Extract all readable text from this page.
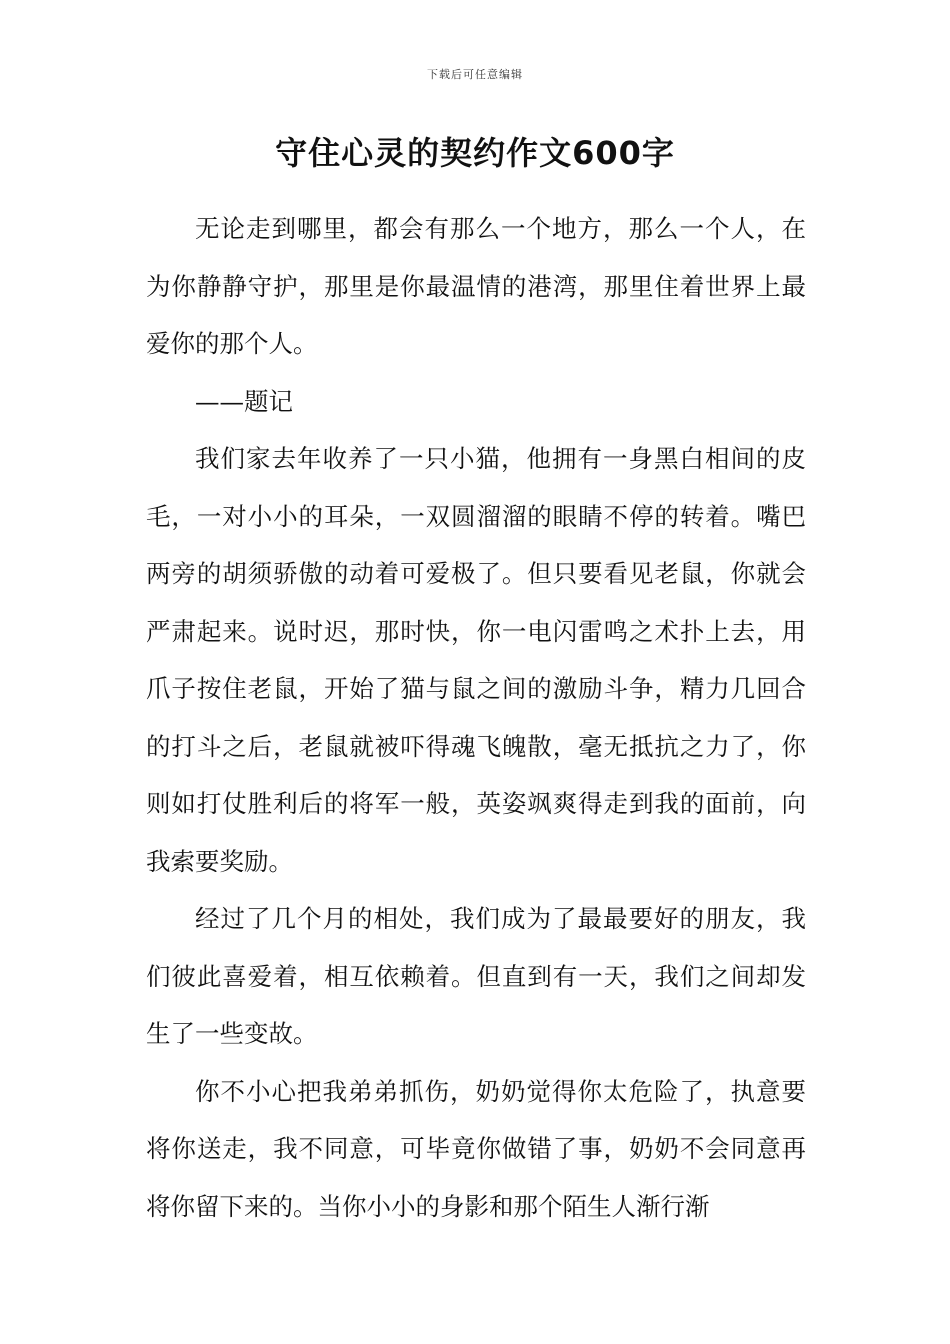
下载后可任意编辑
守住心灵的契约作文600字

无论走到哪里，都会有那么一个地方，那么一个人，在为你静静守护，那里是你最温情的港湾，那里住着世界上最爱你的那个人。

——题记

我们家去年收养了一只小猫，他拥有一身黑白相间的皮毛，一对小小的耳朵，一双圆溜溜的眼睛不停的转着。嘴巴两旁的胡须骄傲的动着可爱极了。但只要看见老鼠，你就会严肃起来。说时迟，那时快，你一电闪雷鸣之术扑上去，用爪子按住老鼠，开始了猫与鼠之间的激励斗争，精力几回合的打斗之后，老鼠就被吓得魂飞魄散，毫无抵抗之力了，你则如打仗胜利后的将军一般，英姿飒爽得走到我的面前，向我索要奖励。

经过了几个月的相处，我们成为了最最要好的朋友，我们彼此喜爱着，相互依赖着。但直到有一天，我们之间却发生了一些变故。

你不小心把我弟弟抓伤，奶奶觉得你太危险了，执意要将你送走，我不同意，可毕竟你做错了事，奶奶不会同意再将你留下来的。当你小小的身影和那个陌生人渐行渐
